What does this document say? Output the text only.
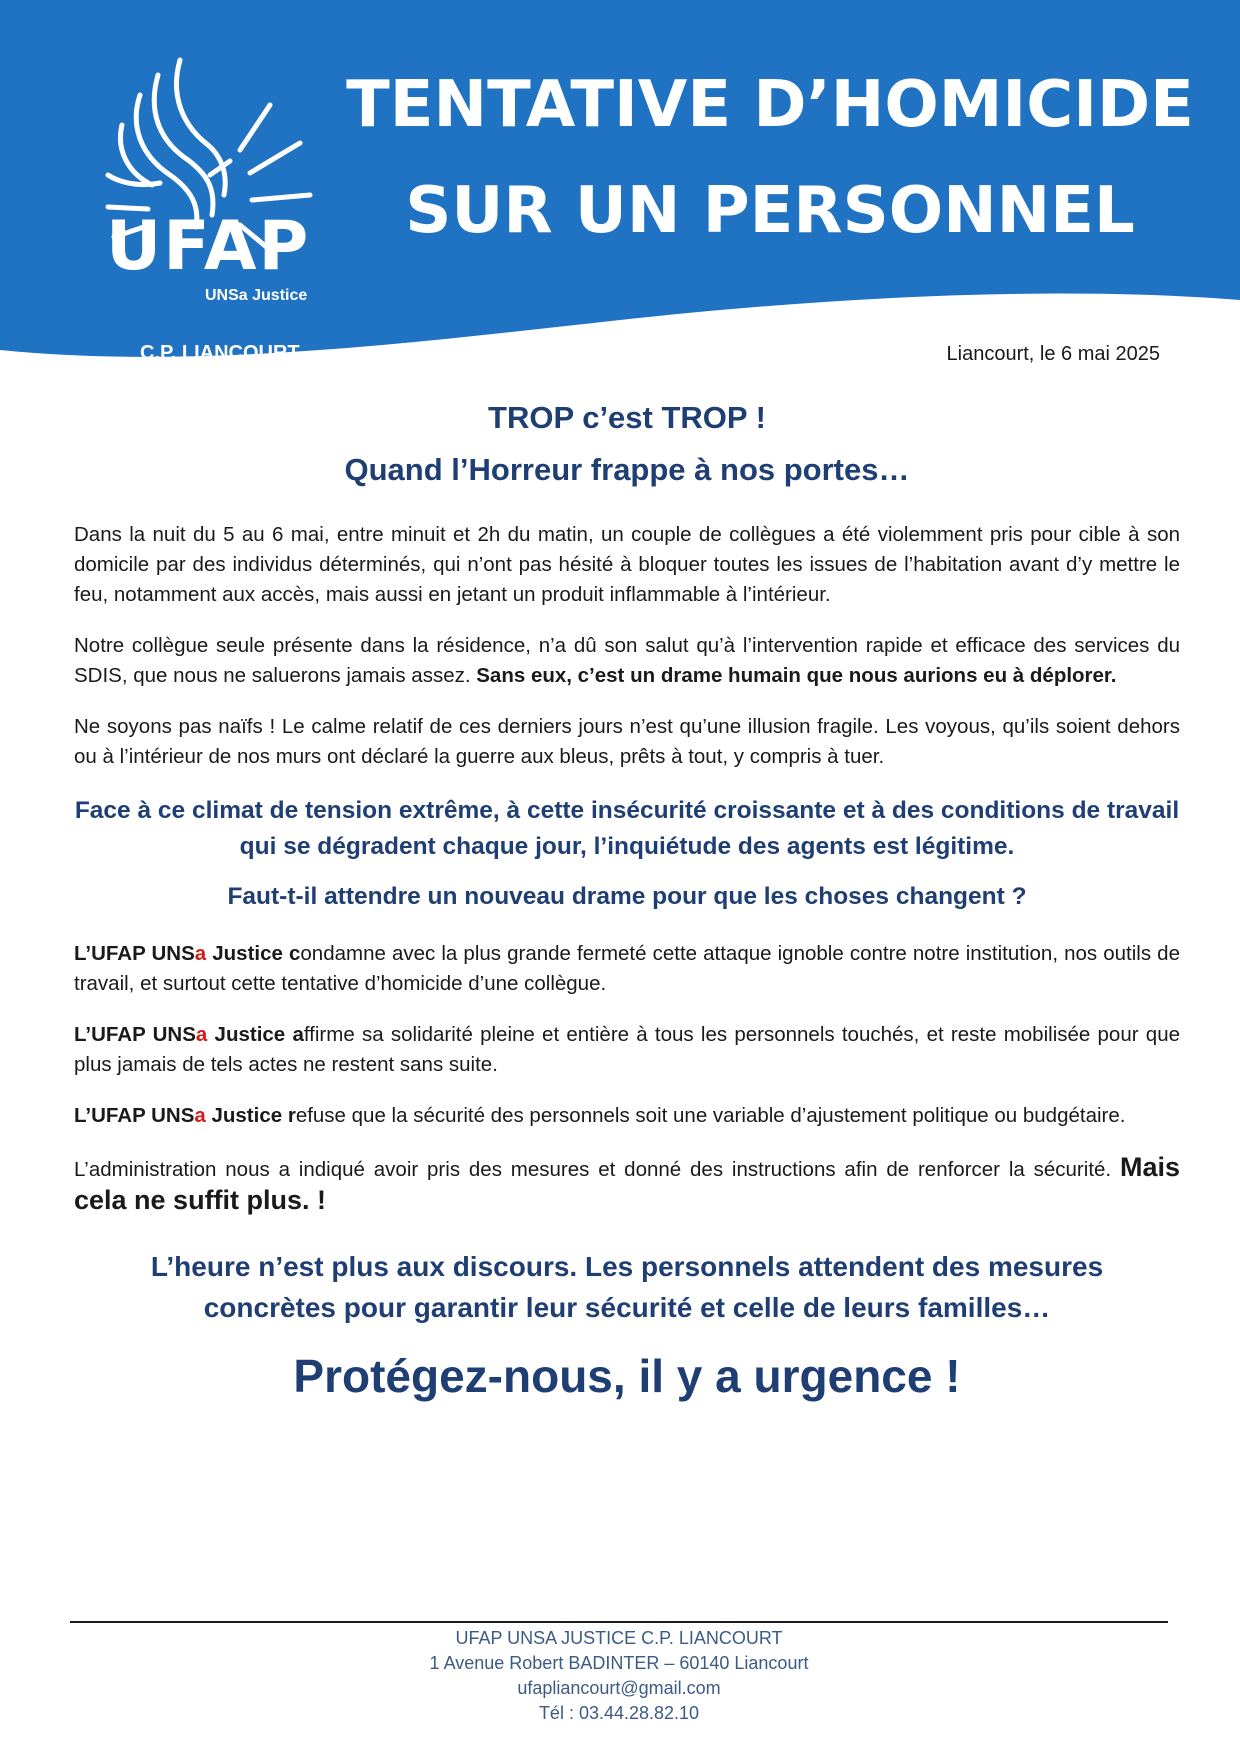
UFAP
UNSa Justice
C.P. LIANCOURT
TENTATIVE D’HOMICIDE
SUR UN PERSONNEL
Liancourt, le 6 mai 2025
TROP c’est TROP !
Quand l’Horreur frappe à nos portes…

Dans la nuit du 5 au 6 mai, entre minuit et 2h du matin, un couple de collègues a été violemment pris pour cible à son domicile par des individus déterminés, qui n’ont pas hésité à bloquer toutes les issues de l’habitation avant d’y mettre le feu, notamment aux accès, mais aussi en jetant un produit inflammable à l’intérieur.

Notre collègue seule présente dans la résidence, n’a dû son salut qu’à l’intervention rapide et efficace des services du SDIS, que nous ne saluerons jamais assez. Sans eux, c’est un drame humain que nous aurions eu à déplorer.

Ne soyons pas naïfs ! Le calme relatif de ces derniers jours n’est qu’une illusion fragile. Les voyous, qu’ils soient dehors ou à l’intérieur de nos murs ont déclaré la guerre aux bleus, prêts à tout, y compris à tuer.

Face à ce climat de tension extrême, à cette insécurité croissante et à des conditions de travail qui se dégradent chaque jour, l’inquiétude des agents est légitime.
Faut-t-il attendre un nouveau drame pour que les choses changent ?

L’UFAP UNSa Justice condamne avec la plus grande fermeté cette attaque ignoble contre notre institution, nos outils de travail, et surtout cette tentative d’homicide d’une collègue.

L’UFAP UNSa Justice affirme sa solidarité pleine et entière à tous les personnels touchés, et reste mobilisée pour que plus jamais de tels actes ne restent sans suite.

L’UFAP UNSa Justice refuse que la sécurité des personnels soit une variable d’ajustement politique ou budgétaire.

L’administration nous a indiqué avoir pris des mesures et donné des instructions afin de renforcer la sécurité. Mais cela ne suffit plus. !

L’heure n’est plus aux discours. Les personnels attendent des mesures
concrètes pour garantir leur sécurité et celle de leurs familles…
Protégez-nous, il y a urgence !
UFAP UNSA JUSTICE C.P. LIANCOURT
1 Avenue Robert BADINTER – 60140 Liancourt
ufapliancourt@gmail.com
Tél : 03.44.28.82.10
